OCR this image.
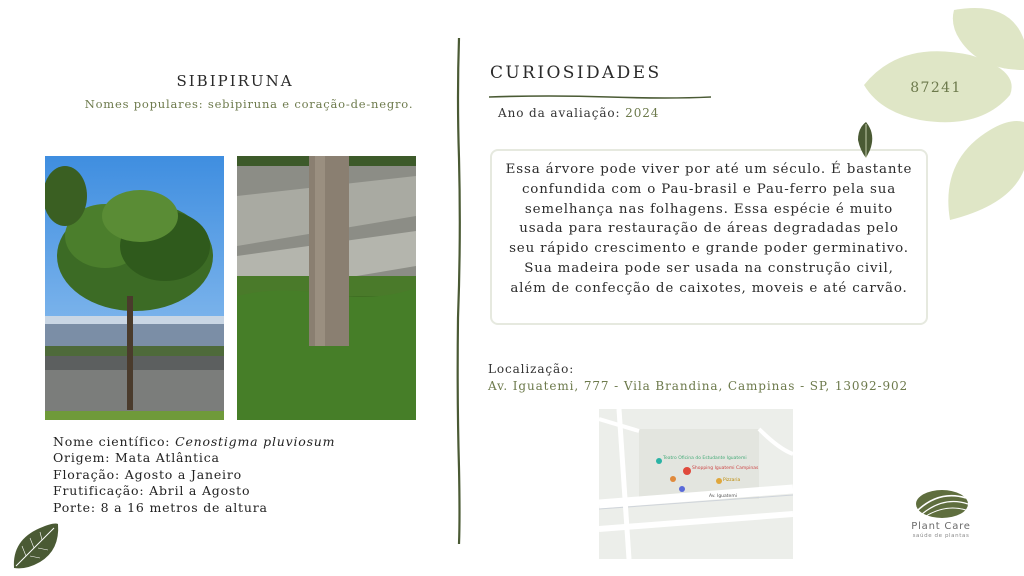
SIBIPIRUNA
Nomes populares: sebipiruna e coração-de-negro.
Nome científico: Cenostigma pluviosum
Origem: Mata Atlântica
Floração: Agosto a Janeiro
Frutificação: Abril a Agosto
Porte: 8 a 16 metros de altura
CURIOSIDADES
Ano da avaliação: 2024
Essa árvore pode viver por até um século. É bastante confundida com o Pau-brasil e Pau-ferro pela sua semelhança nas folhagens. Essa espécie é muito usada para restauração de áreas degradadas pelo seu rápido crescimento e grande poder germinativo. Sua madeira pode ser usada na construção civil, além de confecção de caixotes, moveis e até carvão.
Localização:
Av. Iguatemi, 777 - Vila Brandina, Campinas - SP, 13092-902
Teatro Oficina do Estudante Iguatemi
Shopping Iguatemi Campinas
Pizzaria
Av. Iguatemi
87241
Plant Care
saúde de plantas
